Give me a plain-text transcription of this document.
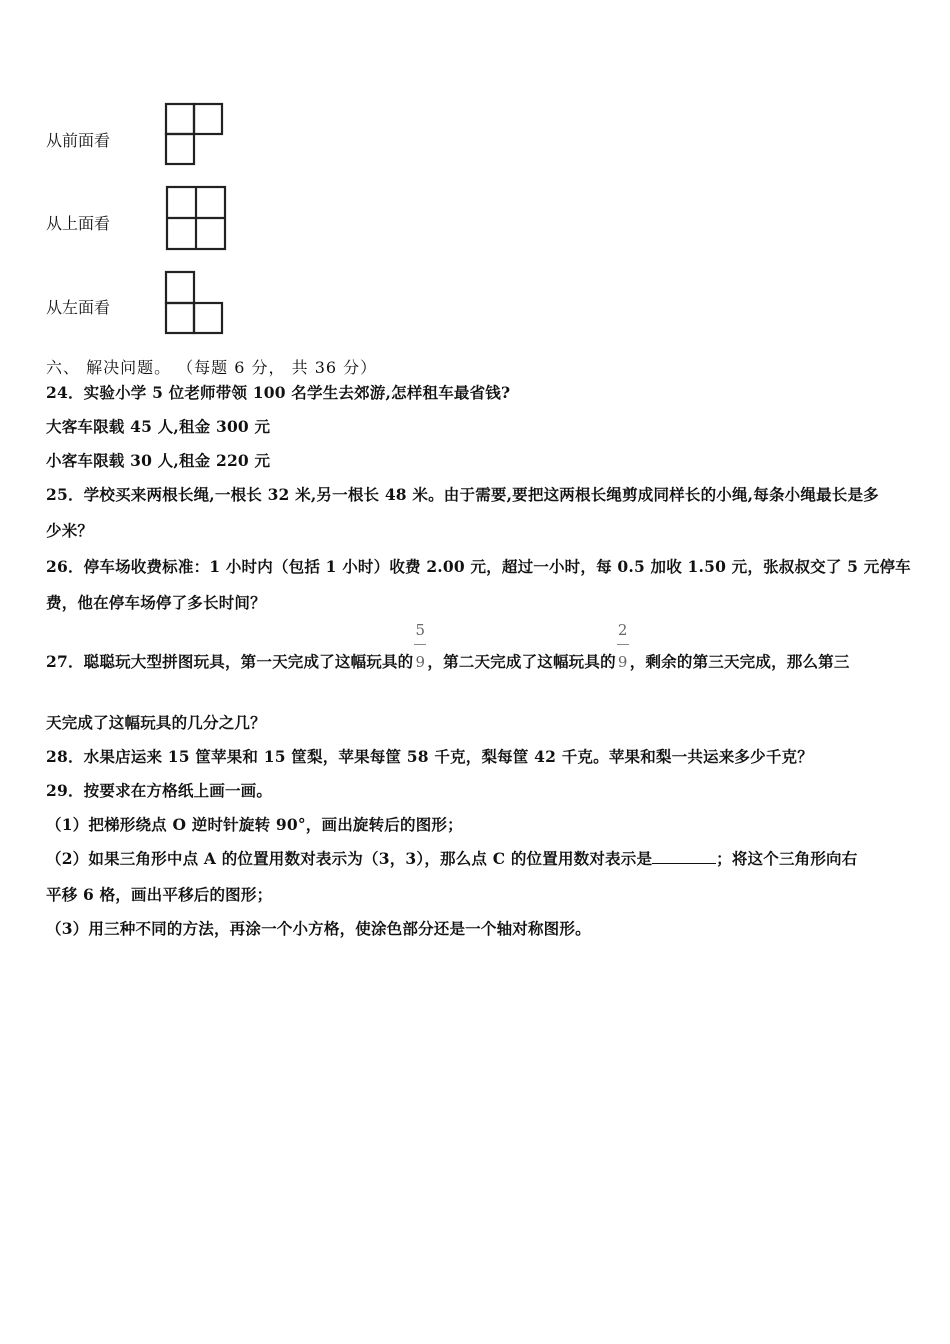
从前面看
从上面看
从左面看
六、 解决问题。 （每题 6 分， 共 36 分）
24．实验小学 5 位老师带领 100 名学生去郊游,怎样租车最省钱?
大客车限载 45 人,租金 300 元
小客车限载 30 人,租金 220 元
25．学校买来两根长绳,一根长 32 米,另一根长 48 米。由于需要,要把这两根长绳剪成同样长的小绳,每条小绳最长是多
少米？
26．停车场收费标准：1 小时内（包括 1 小时）收费 2.00 元，超过一小时，每 0.5 加收 1.50 元，张叔叔交了 5 元停车
费，他在停车场停了多长时间？
27．聪聪玩大型拼图玩具，第一天完成了这幅玩具的 $\frac{5}{9}$ ，第二天完成了这幅玩具的 $\frac{2}{9}$ ，剩余的第三天完成，那么第三
天完成了这幅玩具的几分之几？
28．水果店运来 15 筐苹果和 15 筐梨，苹果每筐 58 千克，梨每筐 42 千克。苹果和梨一共运来多少千克？
29．按要求在方格纸上画一画。
（1）把梯形绕点 O 逆时针旋转 90°，画出旋转后的图形；
（2）如果三角形中点 A 的位置用数对表示为（3，3），那么点 C 的位置用数对表示是	；将这个三角形向右
平移 6 格，画出平移后的图形；
（3）用三种不同的方法，再涂一个小方格，使涂色部分还是一个轴对称图形。
